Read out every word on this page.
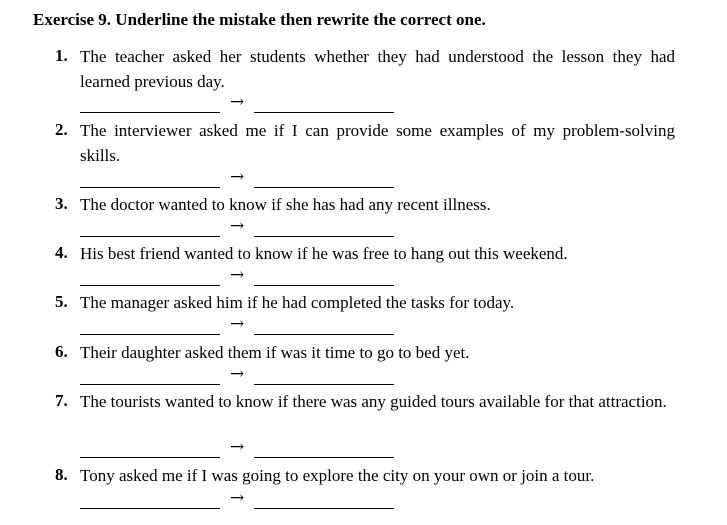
Exercise 9. Underline the mistake then rewrite the correct one.
1. The teacher asked her students whether they had understood the lesson they had learned previous day.
→
2. The interviewer asked me if I can provide some examples of my problem-solving skills.
→
3. The doctor wanted to know if she has had any recent illness.
→
4. His best friend wanted to know if he was free to hang out this weekend.
→
5. The manager asked him if he had completed the tasks for today.
→
6. Their daughter asked them if was it time to go to bed yet.
→
7. The tourists wanted to know if there was any guided tours available for that attraction.
→
8. Tony asked me if I was going to explore the city on your own or join a tour.
→
